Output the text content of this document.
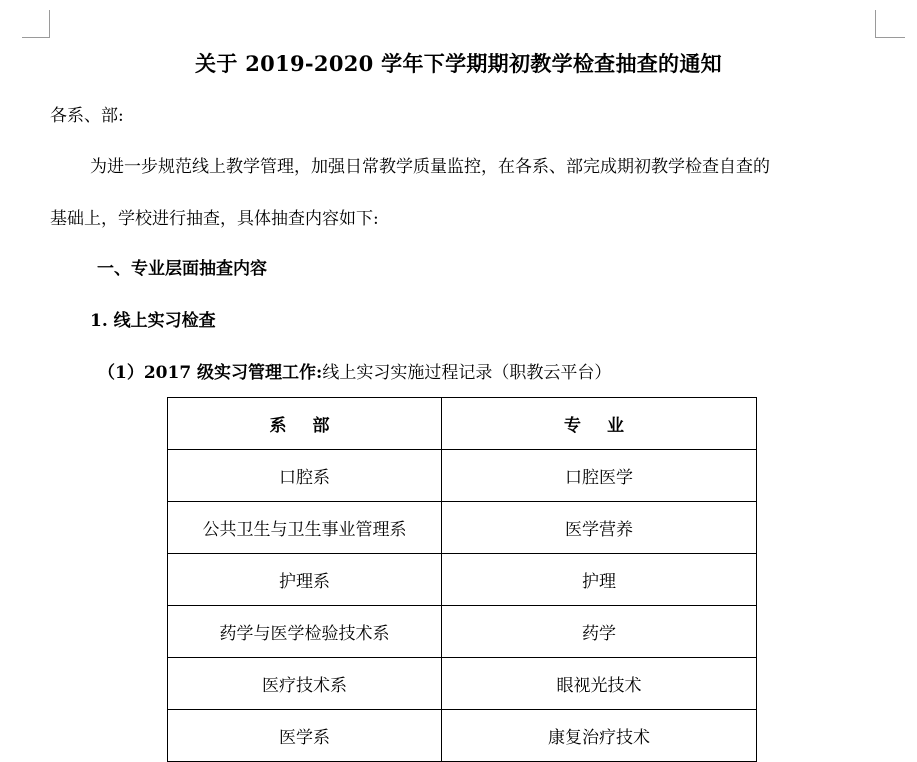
关于 2019-2020 学年下学期期初教学检查抽查的通知
各系、部:
为进一步规范线上教学管理，加强日常教学质量监控，在各系、部完成期初教学检查自查的
基础上，学校进行抽查，具体抽查内容如下:
一、专业层面抽查内容
1. 线上实习检查
（1）2017 级实习管理工作:线上实习实施过程记录（职教云平台）
系 部	专 业
口腔系	口腔医学
公共卫生与卫生事业管理系	医学营养
护理系	护理
药学与医学检验技术系	药学
医疗技术系	眼视光技术
医学系	康复治疗技术
